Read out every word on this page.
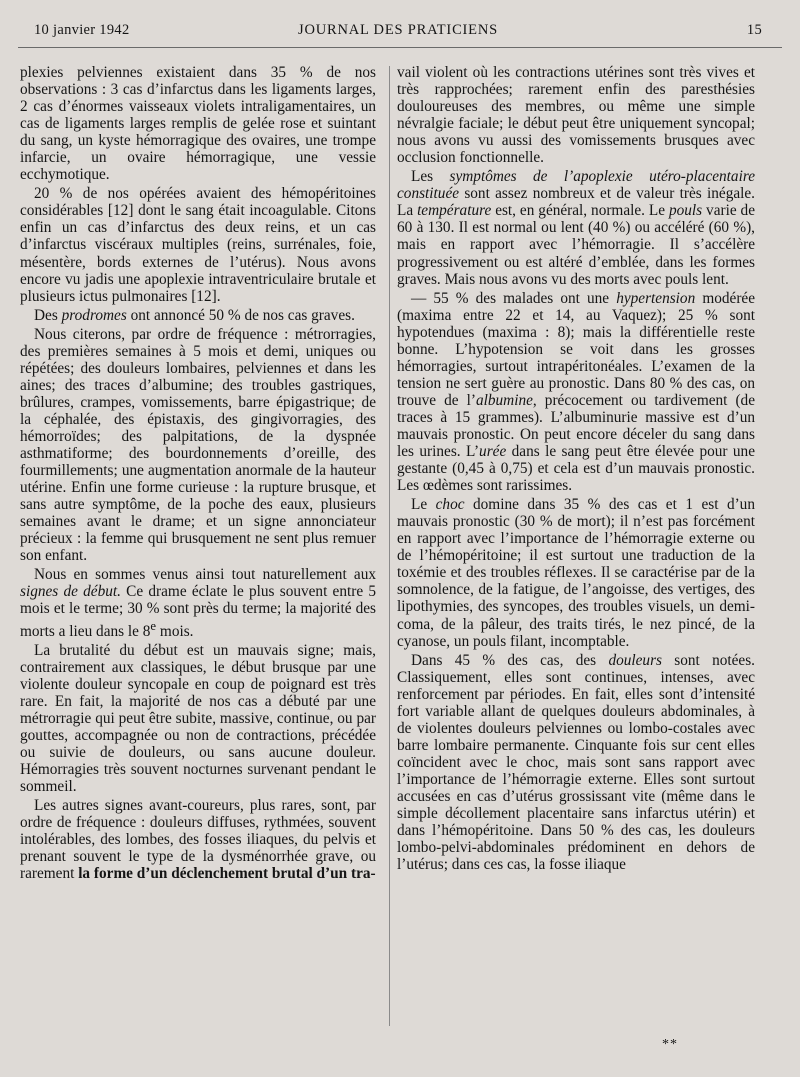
10 janvier 1942	JOURNAL DES PRATICIENS	15

plexies pelviennes existaient dans 35 % de nos observations : 3 cas d’infarctus dans les ligaments larges, 2 cas d’énormes vaisseaux violets intraligamentaires, un cas de ligaments larges remplis de gelée rose et suintant du sang, un kyste hémorragique des ovaires, une trompe infarcie, un ovaire hémorragique, une vessie ecchymotique.

20 % de nos opérées avaient des hémopéritoines considérables [12] dont le sang était incoagulable. Citons enfin un cas d’infarctus des deux reins, et un cas d’infarctus viscéraux multiples (reins, surrénales, foie, mésentère, bords externes de l’utérus). Nous avons encore vu jadis une apoplexie intraventriculaire brutale et plusieurs ictus pulmonaires [12].

Des prodromes ont annoncé 50 % de nos cas graves.

Nous citerons, par ordre de fréquence : métrorragies, des premières semaines à 5 mois et demi, uniques ou répétées; des douleurs lombaires, pelviennes et dans les aines; des traces d’albumine; des troubles gastriques, brûlures, crampes, vomissements, barre épigastrique; de la céphalée, des épistaxis, des gingivorragies, des hémorroïdes; des palpitations, de la dyspnée asthmatiforme; des bourdonnements d’oreille, des fourmillements; une augmentation anormale de la hauteur utérine. Enfin une forme curieuse : la rupture brusque, et sans autre symptôme, de la poche des eaux, plusieurs semaines avant le drame; et un signe annonciateur précieux : la femme qui brusquement ne sent plus remuer son enfant.

Nous en sommes venus ainsi tout naturellement aux signes de début. Ce drame éclate le plus souvent entre 5 mois et le terme; 30 % sont près du terme; la majorité des morts a lieu dans le 8e mois.

La brutalité du début est un mauvais signe; mais, contrairement aux classiques, le début brusque par une violente douleur syncopale en coup de poignard est très rare. En fait, la majorité de nos cas a débuté par une métrorragie qui peut être subite, massive, continue, ou par gouttes, accompagnée ou non de contractions, précédée ou suivie de douleurs, ou sans aucune douleur. Hémorragies très souvent nocturnes survenant pendant le sommeil.

Les autres signes avant-coureurs, plus rares, sont, par ordre de fréquence : douleurs diffuses, rythmées, souvent intolérables, des lombes, des fosses iliaques, du pelvis et prenant souvent le type de la dysménorrhée grave, ou rarement la forme d’un déclenchement brutal d’un tra-

vail violent où les contractions utérines sont très vives et très rapprochées; rarement enfin des paresthésies douloureuses des membres, ou même une simple névralgie faciale; le début peut être uniquement syncopal; nous avons vu aussi des vomissements brusques avec occlusion fonctionnelle.

Les symptômes de l’apoplexie utéro-placentaire constituée sont assez nombreux et de valeur très inégale. La température est, en général, normale. Le pouls varie de 60 à 130. Il est normal ou lent (40 %) ou accéléré (60 %), mais en rapport avec l’hémorragie. Il s’accélère progressivement ou est altéré d’emblée, dans les formes graves. Mais nous avons vu des morts avec pouls lent.

— 55 % des malades ont une hypertension modérée (maxima entre 22 et 14, au Vaquez); 25 % sont hypotendues (maxima : 8); mais la différentielle reste bonne. L’hypotension se voit dans les grosses hémorragies, surtout intrapéritonéales. L’examen de la tension ne sert guère au pronostic. Dans 80 % des cas, on trouve de l’albumine, précocement ou tardivement (de traces à 15 grammes). L’albuminurie massive est d’un mauvais pronostic. On peut encore déceler du sang dans les urines. L’urée dans le sang peut être élevée pour une gestante (0,45 à 0,75) et cela est d’un mauvais pronostic. Les œdèmes sont rarissimes.

Le choc domine dans 35 % des cas et 1 est d’un mauvais pronostic (30 % de mort); il n’est pas forcément en rapport avec l’importance de l’hémorragie externe ou de l’hémopéritoine; il est surtout une traduction de la toxémie et des troubles réflexes. Il se caractérise par de la somnolence, de la fatigue, de l’angoisse, des vertiges, des lipothymies, des syncopes, des troubles visuels, un demi-coma, de la pâleur, des traits tirés, le nez pincé, de la cyanose, un pouls filant, incomptable.

Dans 45 % des cas, des douleurs sont notées. Classiquement, elles sont continues, intenses, avec renforcement par périodes. En fait, elles sont d’intensité fort variable allant de quelques douleurs abdominales, à de violentes douleurs pelviennes ou lombo-costales avec barre lombaire permanente. Cinquante fois sur cent elles coïncident avec le choc, mais sont sans rapport avec l’importance de l’hémorragie externe. Elles sont surtout accusées en cas d’utérus grossissant vite (même dans le simple décollement placentaire sans infarctus utérin) et dans l’hémopéritoine. Dans 50 % des cas, les douleurs lombo-pelvi-abdominales prédominent en dehors de l’utérus; dans ces cas, la fosse iliaque

**
